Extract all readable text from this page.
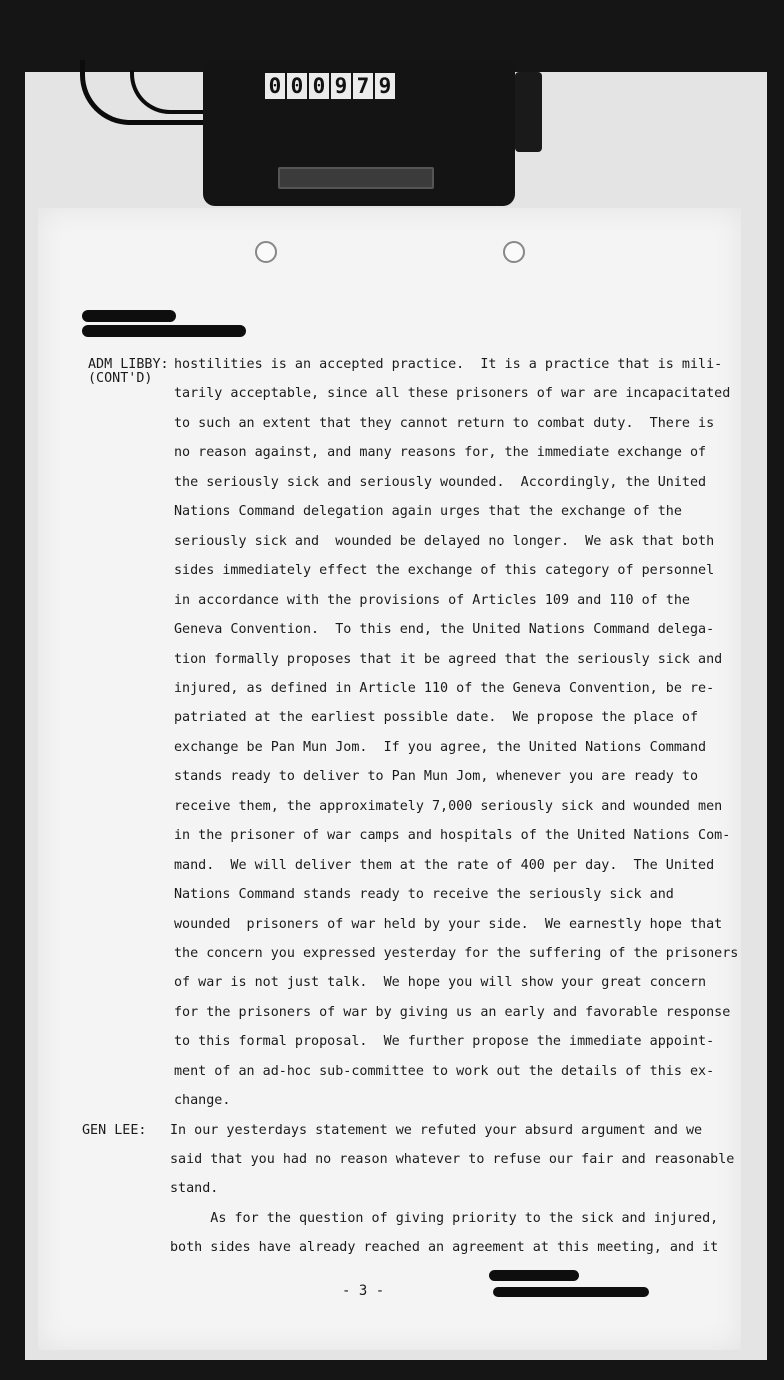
0 0 0 9 7 9
ADM LIBBY:
(CONT'D)
hostilities is an accepted practice.  It is a practice that is mili-
tarily acceptable, since all these prisoners of war are incapacitated
to such an extent that they cannot return to combat duty.  There is
no reason against, and many reasons for, the immediate exchange of
the seriously sick and seriously wounded.  Accordingly, the United
Nations Command delegation again urges that the exchange of the
seriously sick and  wounded be delayed no longer.  We ask that both
sides immediately effect the exchange of this category of personnel
in accordance with the provisions of Articles 109 and 110 of the
Geneva Convention.  To this end, the United Nations Command delega-
tion formally proposes that it be agreed that the seriously sick and
injured, as defined in Article 110 of the Geneva Convention, be re-
patriated at the earliest possible date.  We propose the place of
exchange be Pan Mun Jom.  If you agree, the United Nations Command
stands ready to deliver to Pan Mun Jom, whenever you are ready to
receive them, the approximately 7,000 seriously sick and wounded men
in the prisoner of war camps and hospitals of the United Nations Com-
mand.  We will deliver them at the rate of 400 per day.  The United
Nations Command stands ready to receive the seriously sick and
wounded  prisoners of war held by your side.  We earnestly hope that
the concern you expressed yesterday for the suffering of the prisoners
of war is not just talk.  We hope you will show your great concern
for the prisoners of war by giving us an early and favorable response
to this formal proposal.  We further propose the immediate appoint-
ment of an ad-hoc sub-committee to work out the details of this ex-
change.
GEN LEE: In our yesterdays statement we refuted your absurd argument and we
said that you had no reason whatever to refuse our fair and reasonable
stand.
As for the question of giving priority to the sick and injured,
both sides have already reached an agreement at this meeting, and it
- 3 -
